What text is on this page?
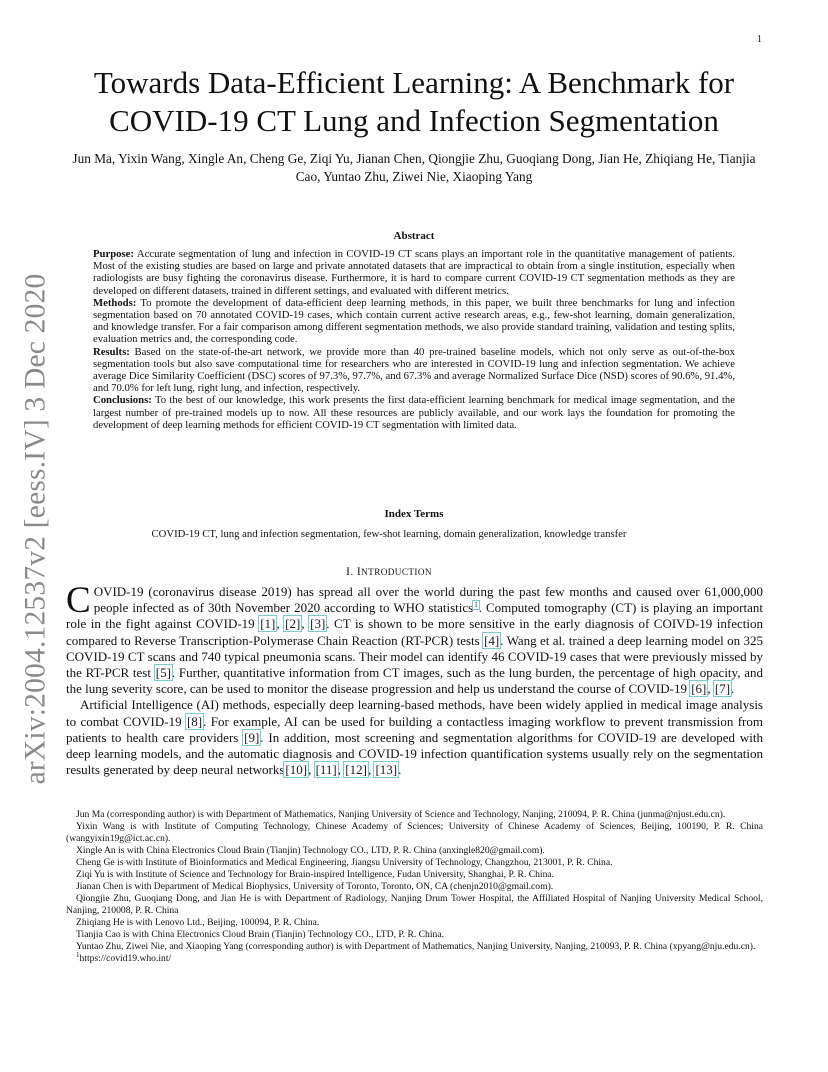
1
arXiv:2004.12537v2 [eess.IV] 3 Dec 2020
Towards Data-Efficient Learning: A Benchmark for COVID-19 CT Lung and Infection Segmentation
Jun Ma, Yixin Wang, Xingle An, Cheng Ge, Ziqi Yu, Jianan Chen, Qiongjie Zhu, Guoqiang Dong, Jian He, Zhiqiang He, Tianjia Cao, Yuntao Zhu, Ziwei Nie, Xiaoping Yang
Abstract

Purpose: Accurate segmentation of lung and infection in COVID-19 CT scans plays an important role in the quantitative management of patients. Most of the existing studies are based on large and private annotated datasets that are impractical to obtain from a single institution, especially when radiologists are busy fighting the coronavirus disease. Furthermore, it is hard to compare current COVID-19 CT segmentation methods as they are developed on different datasets, trained in different settings, and evaluated with different metrics.

Methods: To promote the development of data-efficient deep learning methods, in this paper, we built three benchmarks for lung and infection segmentation based on 70 annotated COVID-19 cases, which contain current active research areas, e.g., few-shot learning, domain generalization, and knowledge transfer. For a fair comparison among different segmentation methods, we also provide standard training, validation and testing splits, evaluation metrics and, the corresponding code.

Results: Based on the state-of-the-art network, we provide more than 40 pre-trained baseline models, which not only serve as out-of-the-box segmentation tools but also save computational time for researchers who are interested in COVID-19 lung and infection segmentation. We achieve average Dice Similarity Coefficient (DSC) scores of 97.3%, 97.7%, and 67.3% and average Normalized Surface Dice (NSD) scores of 90.6%, 91.4%, and 70.0% for left lung, right lung, and infection, respectively.

Conclusions: To the best of our knowledge, this work presents the first data-efficient learning benchmark for medical image segmentation, and the largest number of pre-trained models up to now. All these resources are publicly available, and our work lays the foundation for promoting the development of deep learning methods for efficient COVID-19 CT segmentation with limited data.

Index Terms
COVID-19 CT, lung and infection segmentation, few-shot learning, domain generalization, knowledge transfer
I. INTRODUCTION

COVID-19 (coronavirus disease 2019) has spread all over the world during the past few months and caused over 61,000,000 people infected as of 30th November 2020 according to WHO statistics$^1$. Computed tomography (CT) is playing an important role in the fight against COVID-19 [1], [2], [3]. CT is shown to be more sensitive in the early diagnosis of COIVD-19 infection compared to Reverse Transcription-Polymerase Chain Reaction (RT-PCR) tests [4]. Wang et al. trained a deep learning model on 325 COVID-19 CT scans and 740 typical pneumonia scans. Their model can identify 46 COVID-19 cases that were previously missed by the RT-PCR test [5]. Further, quantitative information from CT images, such as the lung burden, the percentage of high opacity, and the lung severity score, can be used to monitor the disease progression and help us understand the course of COVID-19 [6], [7].

Artificial Intelligence (AI) methods, especially deep learning-based methods, have been widely applied in medical image analysis to combat COVID-19 [8]. For example, AI can be used for building a contactless imaging workflow to prevent transmission from patients to health care providers [9]. In addition, most screening and segmentation algorithms for COVID-19 are developed with deep learning models, and the automatic diagnosis and COVID-19 infection quantification systems usually rely on the segmentation results generated by deep neural networks[10], [11], [12], [13].

Jun Ma (corresponding author) is with Department of Mathematics, Nanjing University of Science and Technology, Nanjing, 210094, P. R. China (junma@njust.edu.cn).

Yixin Wang is with Institute of Computing Technology, Chinese Academy of Sciences; University of Chinese Academy of Sciences, Beijing, 100190, P. R. China (wangyixin19g@ict.ac.cn).

Xingle An is with China Electronics Cloud Brain (Tianjin) Technology CO., LTD, P. R. China (anxingle820@gmail.com).

Cheng Ge is with Institute of Bioinformatics and Medical Engineering, Jiangsu University of Technology, Changzhou, 213001, P. R. China.

Ziqi Yu is with Institute of Science and Technology for Brain-inspired Intelligence, Fudan University, Shanghai, P. R. China.

Jianan Chen is with Department of Medical Biophysics, University of Toronto, Toronto, ON, CA (chenjn2010@gmail.com).

Qiongjie Zhu, Guoqiang Dong, and Jian He is with Department of Radiology, Nanjing Drum Tower Hospital, the Affiliated Hospital of Nanjing University Medical School, Nanjing, 210008, P. R. China

Zhiqiang He is with Lenovo Ltd., Beijing, 100094, P. R. China.

Tianjia Cao is with China Electronics Cloud Brain (Tianjin) Technology CO., LTD, P. R. China.

Yuntao Zhu, Ziwei Nie, and Xiaoping Yang (corresponding author) is with Department of Mathematics, Nanjing University, Nanjing, 210093, P. R. China (xpyang@nju.edu.cn).

$^1$https://covid19.who.int/
